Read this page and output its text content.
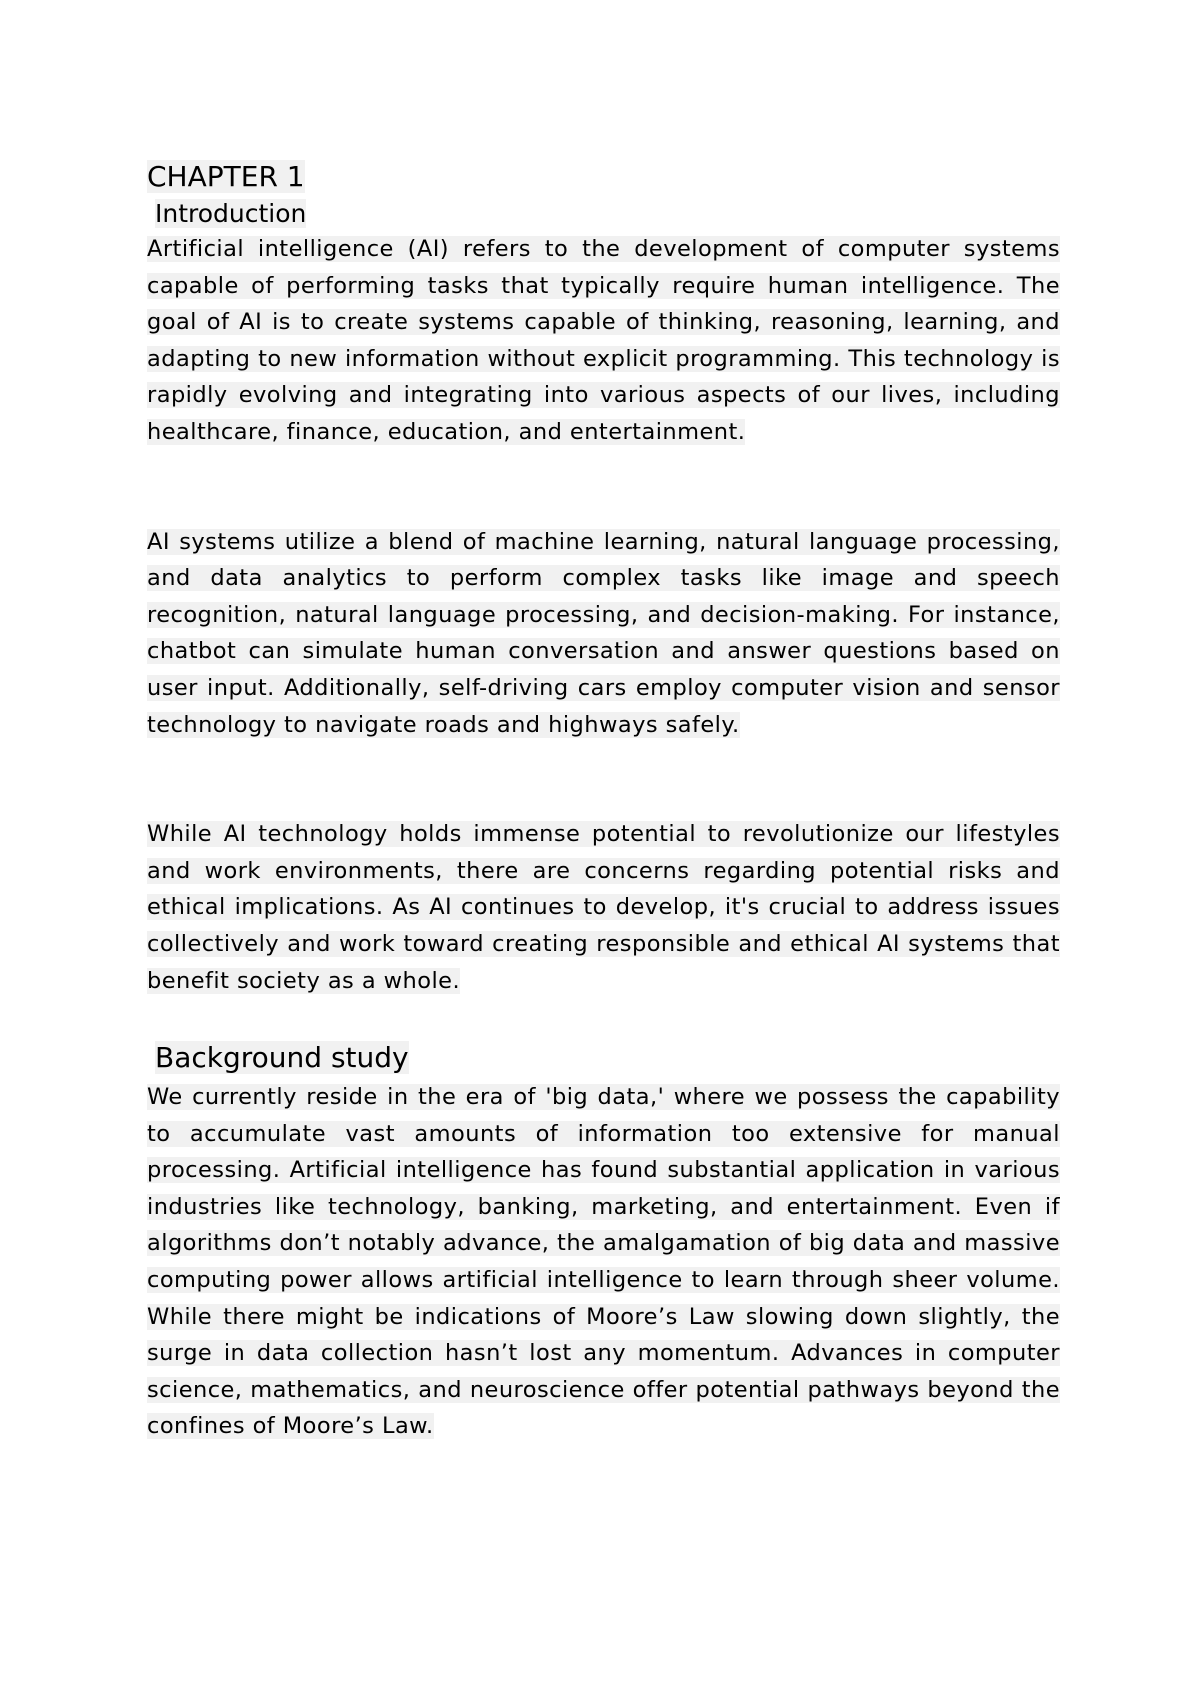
CHAPTER 1
Introduction

Artificial intelligence (AI) refers to the development of computer systems capable of performing tasks that typically require human intelligence. The goal of AI is to create systems capable of thinking, reasoning, learning, and adapting to new information without explicit programming. This technology is rapidly evolving and integrating into various aspects of our lives, including healthcare, finance, education, and entertainment.

AI systems utilize a blend of machine learning, natural language processing, and data analytics to perform complex tasks like image and speech recognition, natural language processing, and decision-making. For instance, chatbot can simulate human conversation and answer questions based on user input. Additionally, self-driving cars employ computer vision and sensor technology to navigate roads and highways safely.

While AI technology holds immense potential to revolutionize our lifestyles and work environments, there are concerns regarding potential risks and ethical implications. As AI continues to develop, it's crucial to address issues collectively and work toward creating responsible and ethical AI systems that benefit society as a whole.

Background study

We currently reside in the era of 'big data,' where we possess the capability to accumulate vast amounts of information too extensive for manual processing. Artificial intelligence has found substantial application in various industries like technology, banking, marketing, and entertainment. Even if algorithms don’t notably advance, the amalgamation of big data and massive computing power allows artificial intelligence to learn through sheer volume. While there might be indications of Moore’s Law slowing down slightly, the surge in data collection hasn’t lost any momentum. Advances in computer science, mathematics, and neuroscience offer potential pathways beyond the confines of Moore’s Law.
